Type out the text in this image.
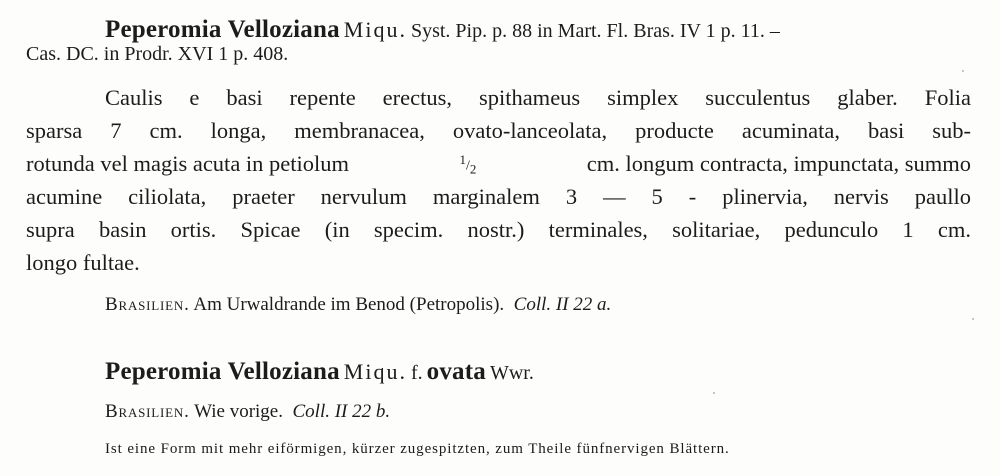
Peperomia Velloziana Miqu. Syst. Pip. p. 88 in Mart. Fl. Bras. IV 1 p. 11. –
Cas. DC. in Prodr. XVI 1 p. 408.
Caulis e basi repente erectus, spithameus simplex succulentus glaber. Folia
sparsa 7 cm. longa, membranacea, ovato-lanceolata, producte acuminata, basi sub-
rotunda vel magis acuta in petiolum	$^1/_2$	cm. longum contracta, impunctata, summo
acumine ciliolata, praeter nervulum marginalem 3 — 5 - plinervia, nervis paullo
supra basin ortis. Spicae (in specim. nostr.) terminales, solitariae, pedunculo 1 cm.
longo fultae.
Brasilien. Am Urwaldrande im Benod (Petropolis). Coll. II 22 a.
Peperomia Velloziana Miqu. f. ovata Wwr.
Brasilien. Wie vorige. Coll. II 22 b.
Ist eine Form mit mehr eiförmigen, kürzer zugespitzten, zum Theile fünfnervigen Blättern.
